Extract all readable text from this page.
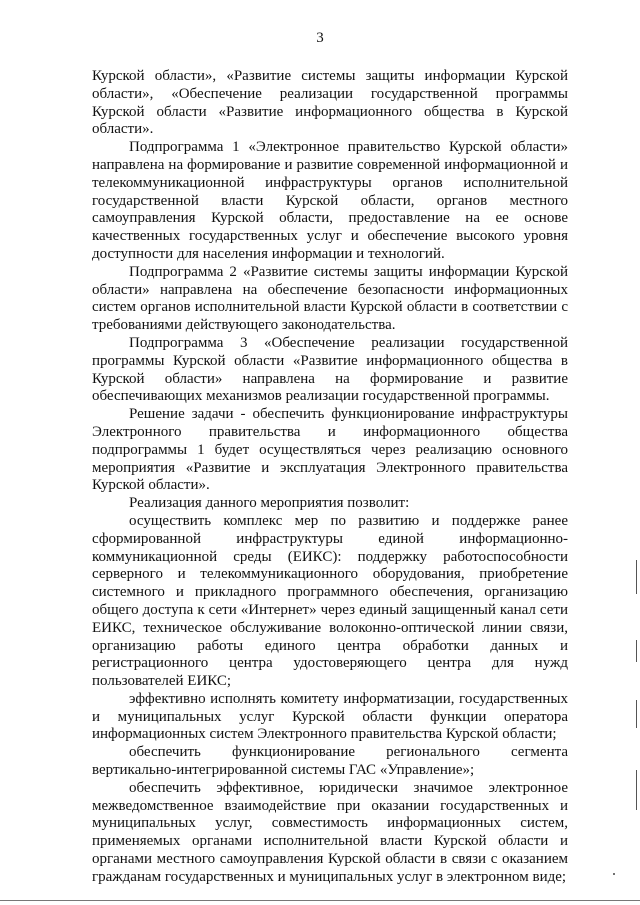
3

Курской области», «Развитие системы защиты информации Курской области», «Обеспечение реализации государственной программы Курской области «Развитие информационного общества в Курской области».

Подпрограмма 1 «Электронное правительство Курской области» направлена на формирование и развитие современной информационной и телекоммуникационной инфраструктуры органов исполнительной государственной власти Курской области, органов местного самоуправления Курской области, предоставление на ее основе качественных государственных услуг и обеспечение высокого уровня доступности для населения информации и технологий.

Подпрограмма 2 «Развитие системы защиты информации Курской области» направлена на обеспечение безопасности информационных систем органов исполнительной власти Курской области в соответствии с требованиями действующего законодательства.

Подпрограмма 3 «Обеспечение реализации государственной программы Курской области «Развитие информационного общества в Курской области» направлена на формирование и развитие обеспечивающих механизмов реализации государственной программы.

Решение задачи - обеспечить функционирование инфраструктуры Электронного правительства и информационного общества подпрограммы 1 будет осуществляться через реализацию основного мероприятия «Развитие и эксплуатация Электронного правительства Курской области».

Реализация данного мероприятия позволит:

осуществить комплекс мер по развитию и поддержке ранее сформированной инфраструктуры единой информационно-коммуникационной среды (ЕИКС): поддержку работоспособности серверного и телекоммуникационного оборудования, приобретение системного и прикладного программного обеспечения, организацию общего доступа к сети «Интернет» через единый защищенный канал сети ЕИКС, техническое обслуживание волоконно-оптической линии связи, организацию работы единого центра обработки данных и регистрационного центра удостоверяющего центра для нужд пользователей ЕИКС;

эффективно исполнять комитету информатизации, государственных и муниципальных услуг Курской области функции оператора информационных систем Электронного правительства Курской области;

обеспечить функционирование регионального сегмента вертикально-интегрированной системы ГАС «Управление»;

обеспечить эффективное, юридически значимое электронное межведомственное взаимодействие при оказании государственных и муниципальных услуг, совместимость информационных систем, применяемых органами исполнительной власти Курской области и органами местного самоуправления Курской области в связи с оказанием гражданам государственных и муниципальных услуг в электронном виде;
